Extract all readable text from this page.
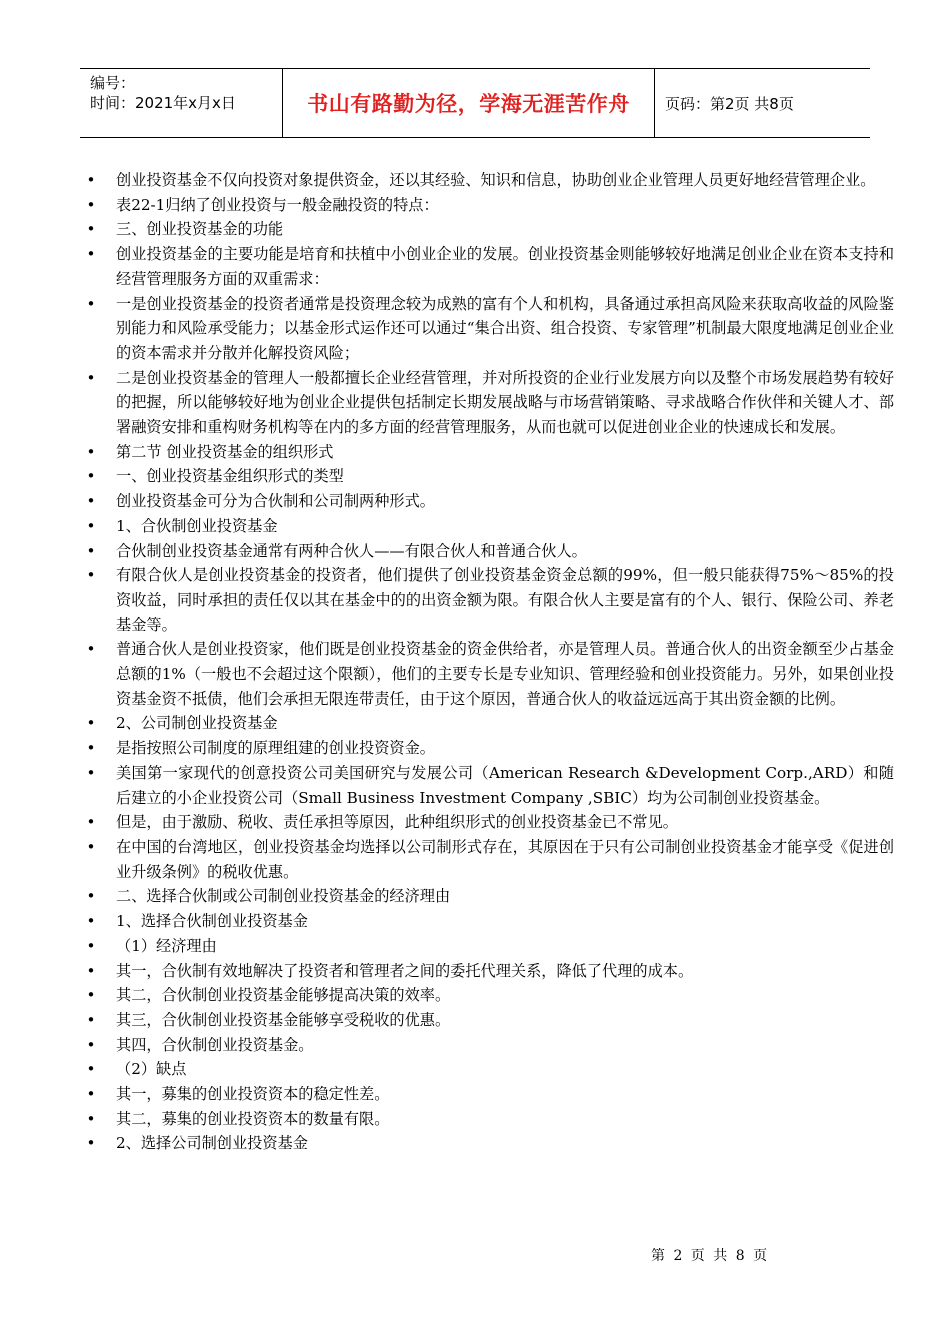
编号：
时间：2021年x月x日	书山有路勤为径，学海无涯苦作舟	页码：第2页 共8页
• 创业投资基金不仅向投资对象提供资金，还以其经验、知识和信息，协助创业企业管理人员更好地经营管理企业。
• 表22-1归纳了创业投资与一般金融投资的特点：
• 三、创业投资基金的功能
• 创业投资基金的主要功能是培育和扶植中小创业企业的发展。创业投资基金则能够较好地满足创业企业在资本支持和经营管理服务方面的双重需求：
• 一是创业投资基金的投资者通常是投资理念较为成熟的富有个人和机构，具备通过承担高风险来获取高收益的风险鉴别能力和风险承受能力；以基金形式运作还可以通过“集合出资、组合投资、专家管理”机制最大限度地满足创业企业的资本需求并分散并化解投资风险；
• 二是创业投资基金的管理人一般都擅长企业经营管理，并对所投资的企业行业发展方向以及整个市场发展趋势有较好的把握，所以能够较好地为创业企业提供包括制定长期发展战略与市场营销策略、寻求战略合作伙伴和关键人才、部署融资安排和重构财务机构等在内的多方面的经营管理服务，从而也就可以促进创业企业的快速成长和发展。
• 第二节 创业投资基金的组织形式
• 一、创业投资基金组织形式的类型
• 创业投资基金可分为合伙制和公司制两种形式。
• 1、合伙制创业投资基金
• 合伙制创业投资基金通常有两种合伙人——有限合伙人和普通合伙人。
• 有限合伙人是创业投资基金的投资者，他们提供了创业投资基金资金总额的99%，但一般只能获得75%～85%的投资收益，同时承担的责任仅以其在基金中的的出资金额为限。有限合伙人主要是富有的个人、银行、保险公司、养老基金等。
• 普通合伙人是创业投资家，他们既是创业投资基金的资金供给者，亦是管理人员。普通合伙人的出资金额至少占基金总额的1%（一般也不会超过这个限额），他们的主要专长是专业知识、管理经验和创业投资能力。另外，如果创业投资基金资不抵债，他们会承担无限连带责任，由于这个原因，普通合伙人的收益远远高于其出资金额的比例。
• 2、公司制创业投资基金
• 是指按照公司制度的原理组建的创业投资资金。
• 美国第一家现代的创意投资公司美国研究与发展公司（American Research &Development Corp.,ARD）和随后建立的小企业投资公司（Small Business Investment Company ,SBIC）均为公司制创业投资基金。
• 但是，由于激励、税收、责任承担等原因，此种组织形式的创业投资基金已不常见。
• 在中国的台湾地区，创业投资基金均选择以公司制形式存在，其原因在于只有公司制创业投资基金才能享受《促进创业升级条例》的税收优惠。
• 二、选择合伙制或公司制创业投资基金的经济理由
• 1、选择合伙制创业投资基金
• （1）经济理由
• 其一，合伙制有效地解决了投资者和管理者之间的委托代理关系，降低了代理的成本。
• 其二，合伙制创业投资基金能够提高决策的效率。
• 其三，合伙制创业投资基金能够享受税收的优惠。
• 其四，合伙制创业投资基金。
• （2）缺点
• 其一，募集的创业投资资本的稳定性差。
• 其二，募集的创业投资资本的数量有限。
• 2、选择公司制创业投资基金
第 2 页 共 8 页
